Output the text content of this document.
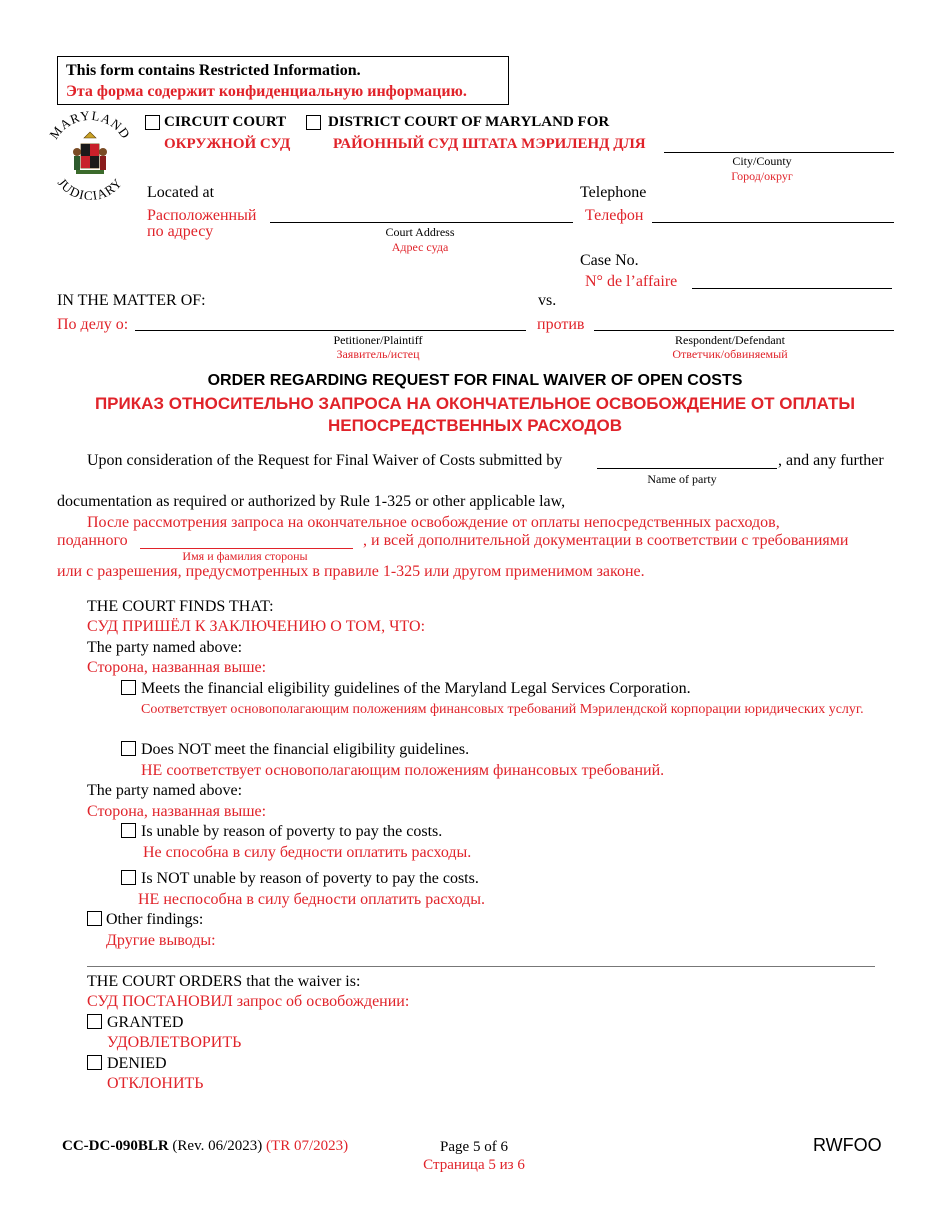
This form contains Restricted Information.
Эта форма содержит конфиденциальную информацию.
MARYLAND
JUDICIARY
CIRCUIT COURT
ОКРУЖНОЙ СУД
DISTRICT COURT OF MARYLAND FOR
РАЙОННЫЙ СУД ШТАТА МЭРИЛЕНД ДЛЯ
City/County
Город/округ
Located at
Расположенный
по адресу	Court Address
Адрес суда
Telephone
Телефон
Case No.
N° de l’affaire
IN THE MATTER OF:
По делу о:
Petitioner/Plaintiff
Заявитель/истец
vs.
против
Respondent/Defendant
Ответчик/обвиняемый
ORDER REGARDING REQUEST FOR FINAL WAIVER OF OPEN COSTS
ПРИКАЗ ОТНОСИТЕЛЬНО ЗАПРОСА НА ОКОНЧАТЕЛЬНОЕ ОСВОБОЖДЕНИЕ ОТ ОПЛАТЫ
НЕПОСРЕДСТВЕННЫХ РАСХОДОВ
Upon consideration of the Request for Final Waiver of Costs submitted by	, and any further
Name of party
documentation as required or authorized by Rule 1-325 or other applicable law,
После рассмотрения запроса на окончательное освобождение от оплаты непосредственных расходов,
поданного
Имя и фамилия стороны
, и всей дополнительной документации в соответствии с требованиями
или с разрешения, предусмотренных в правиле 1-325 или другом применимом законе.
THE COURT FINDS THAT:
СУД ПРИШЁЛ К ЗАКЛЮЧЕНИЮ О ТОМ, ЧТО:
The party named above:
Сторона, названная выше:
Meets the financial eligibility guidelines of the Maryland Legal Services Corporation.
Соответствует основополагающим положениям финансовых требований Мэрилендской корпорации юридических услуг.
Does NOT meet the financial eligibility guidelines.
НЕ соответствует основополагающим положениям финансовых требований.
The party named above:
Сторона, названная выше:
Is unable by reason of poverty to pay the costs.
Не способна в силу бедности оплатить расходы.
Is NOT unable by reason of poverty to pay the costs.
НЕ неспособна в силу бедности оплатить расходы.
Other findings:
Другие выводы:
THE COURT ORDERS that the waiver is:
СУД ПОСТАНОВИЛ запрос об освобождении:
GRANTED
УДОВЛЕТВОРИТЬ
DENIED
ОТКЛОНИТЬ
CC-DC-090BLR (Rev. 06/2023) (TR 07/2023)	Page 5 of 6
Страница 5 из 6
RWFOO
